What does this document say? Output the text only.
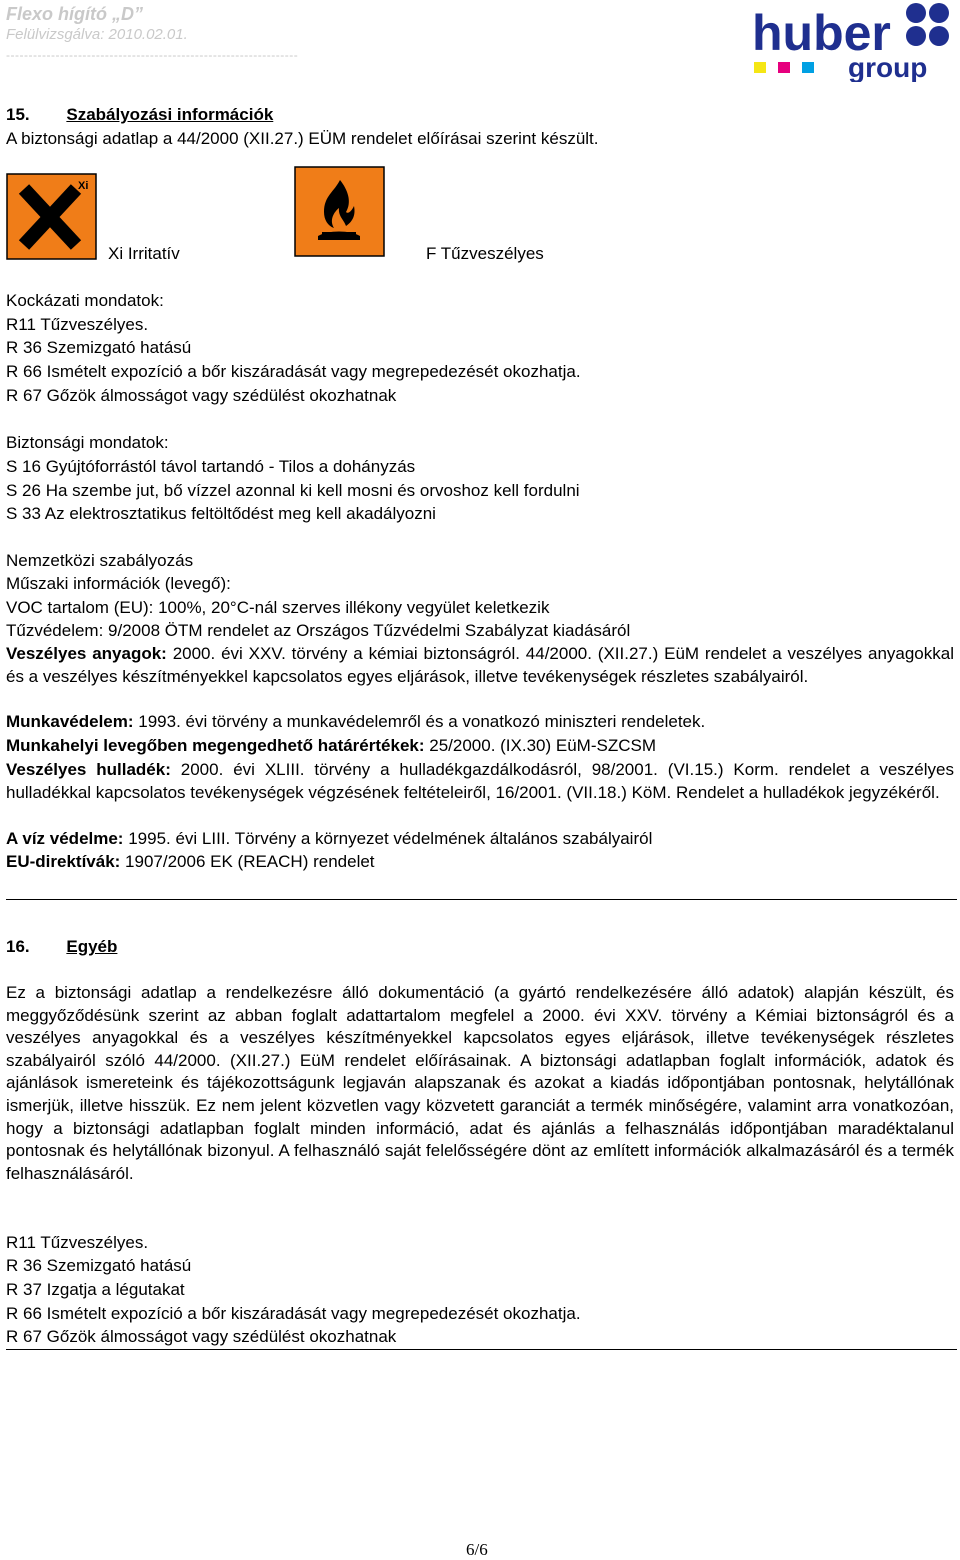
Flexo hígító „D”
Felülvizsgálva: 2010.02.01.
-----------------------------------------------------------------	huber
group
15. Szabályozási információk
A biztonsági adatlap a 44/2000 (XII.27.) EÜM rendelet előírásai szerint készült.
Xi
Xi Irritatív	F Tűzveszélyes
Kockázati mondatok:
R11 Tűzveszélyes.
R 36 Szemizgató hatású
R 66 Ismételt expozíció a bőr kiszáradását vagy megrepedezését okozhatja.
R 67 Gőzök álmosságot vagy szédülést okozhatnak
Biztonsági mondatok:
S 16 Gyújtóforrástól távol tartandó - Tilos a dohányzás
S 26 Ha szembe jut, bő vízzel azonnal ki kell mosni és orvoshoz kell fordulni
S 33 Az elektrosztatikus feltöltődést meg kell akadályozni
Nemzetközi szabályozás
Műszaki információk (levegő):
VOC tartalom (EU): 100%, 20°C-nál szerves illékony vegyület keletkezik
Tűzvédelem: 9/2008 ÖTM rendelet az Országos Tűzvédelmi Szabályzat kiadásáról
Veszélyes anyagok: 2000. évi XXV. törvény a kémiai biztonságról. 44/2000. (XII.27.) EüM rendelet a veszélyes anyagokkal és a veszélyes készítményekkel kapcsolatos egyes eljárások, illetve tevékenységek részletes szabályairól.
Munkavédelem: 1993. évi törvény a munkavédelemről és a vonatkozó miniszteri rendeletek.
Munkahelyi levegőben megengedhető határértékek: 25/2000. (IX.30) EüM-SZCSM
Veszélyes hulladék: 2000. évi XLIII. törvény a hulladékgazdálkodásról, 98/2001. (VI.15.) Korm. rendelet a veszélyes hulladékkal kapcsolatos tevékenységek végzésének feltételeiről, 16/2001. (VII.18.) KöM. Rendelet a hulladékok jegyzékéről.
A víz védelme: 1995. évi LIII. Törvény a környezet védelmének általános szabályairól
EU-direktívák: 1907/2006 EK (REACH) rendelet
16. Egyéb
Ez a biztonsági adatlap a rendelkezésre álló dokumentáció (a gyártó rendelkezésére álló adatok) alapján készült, és meggyőződésünk szerint az abban foglalt adattartalom megfelel a 2000. évi XXV. törvény a Kémiai biztonságról és a veszélyes anyagokkal és a veszélyes készítményekkel kapcsolatos egyes eljárások, illetve tevékenységek részletes szabályairól szóló 44/2000. (XII.27.) EüM rendelet előírásainak. A biztonsági adatlapban foglalt információk, adatok és ajánlások ismereteink és tájékozottságunk legjaván alapszanak és azokat a kiadás időpontjában pontosnak, helytállónak ismerjük, illetve hisszük. Ez nem jelent közvetlen vagy közvetett garanciát a termék minőségére, valamint arra vonatkozóan, hogy a biztonsági adatlapban foglalt minden információ, adat és ajánlás a felhasználás időpontjában maradéktalanul pontosnak és helytállónak bizonyul. A felhasználó saját felelősségére dönt az említett információk alkalmazásáról és a termék felhasználásáról.
R11 Tűzveszélyes.
R 36 Szemizgató hatású
R 37 Izgatja a légutakat
R 66 Ismételt expozíció a bőr kiszáradását vagy megrepedezését okozhatja.
R 67 Gőzök álmosságot vagy szédülést okozhatnak
6/6
